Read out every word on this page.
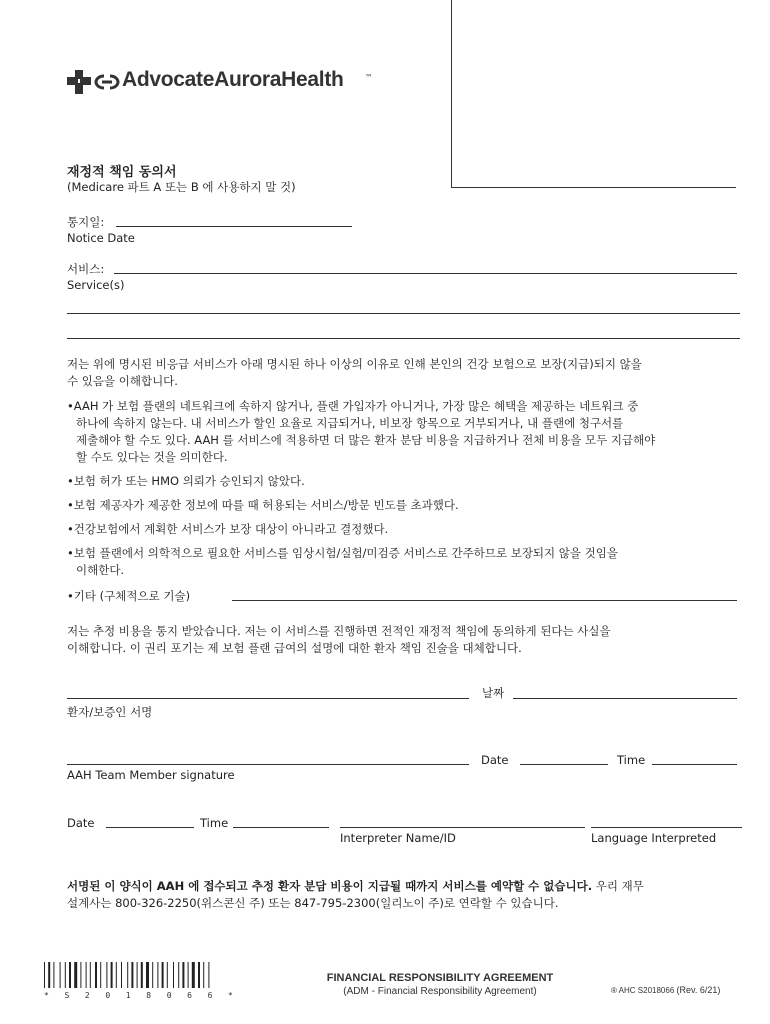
AdvocateAuroraHealth	™
재정적 책임 동의서
(Medicare 파트 A 또는 B 에 사용하지 말 것)
통지일:
Notice Date
서비스:
Service(s)
저는 위에 명시된 비응급 서비스가 아래 명시된 하나 이상의 이유로 인해 본인의 건강 보험으로 보장(지급)되지 않을
수 있음을 이해합니다.
•AAH 가 보험 플랜의 네트워크에 속하지 않거나, 플랜 가입자가 아니거나, 가장 많은 혜택을 제공하는 네트워크 중
하나에 속하지 않는다. 내 서비스가 할인 요율로 지급되거나, 비보장 항목으로 거부되거나, 내 플랜에 청구서를
제출해야 할 수도 있다. AAH 를 서비스에 적용하면 더 많은 환자 분담 비용을 지급하거나 전체 비용을 모두 지급해야
할 수도 있다는 것을 의미한다.
•보험 허가 또는 HMO 의뢰가 승인되지 않았다.
•보험 제공자가 제공한 정보에 따를 때 허용되는 서비스/방문 빈도를 초과했다.
•건강보험에서 계획한 서비스가 보장 대상이 아니라고 결정했다.
•보험 플랜에서 의학적으로 필요한 서비스를 임상시험/실험/미검증 서비스로 간주하므로 보장되지 않을 것임을
이해한다.
•기타 (구체적으로 기술)
저는 추정 비용을 통지 받았습니다. 저는 이 서비스를 진행하면 전적인 재정적 책임에 동의하게 된다는 사실을
이해합니다. 이 권리 포기는 제 보험 플랜 급여의 설명에 대한 환자 책임 진술을 대체합니다.
날짜
환자/보증인 서명
Date	Time
AAH Team Member signature
Date	Time
Interpreter Name/ID	Language Interpreted
서명된 이 양식이 AAH 에 접수되고 추정 환자 분담 비용이 지급될 때까지 서비스를 예약할 수 없습니다. 우리 재무
설계사는 800-326-2250(위스콘신 주) 또는 847-795-2300(일리노이 주)로 연락할 수 있습니다.
*  S  2  0  1  8  0  6  6  *
FINANCIAL RESPONSIBILITY AGREEMENT
(ADM - Financial Responsibility Agreement)	® AHC S2018066 (Rev. 6/21)
